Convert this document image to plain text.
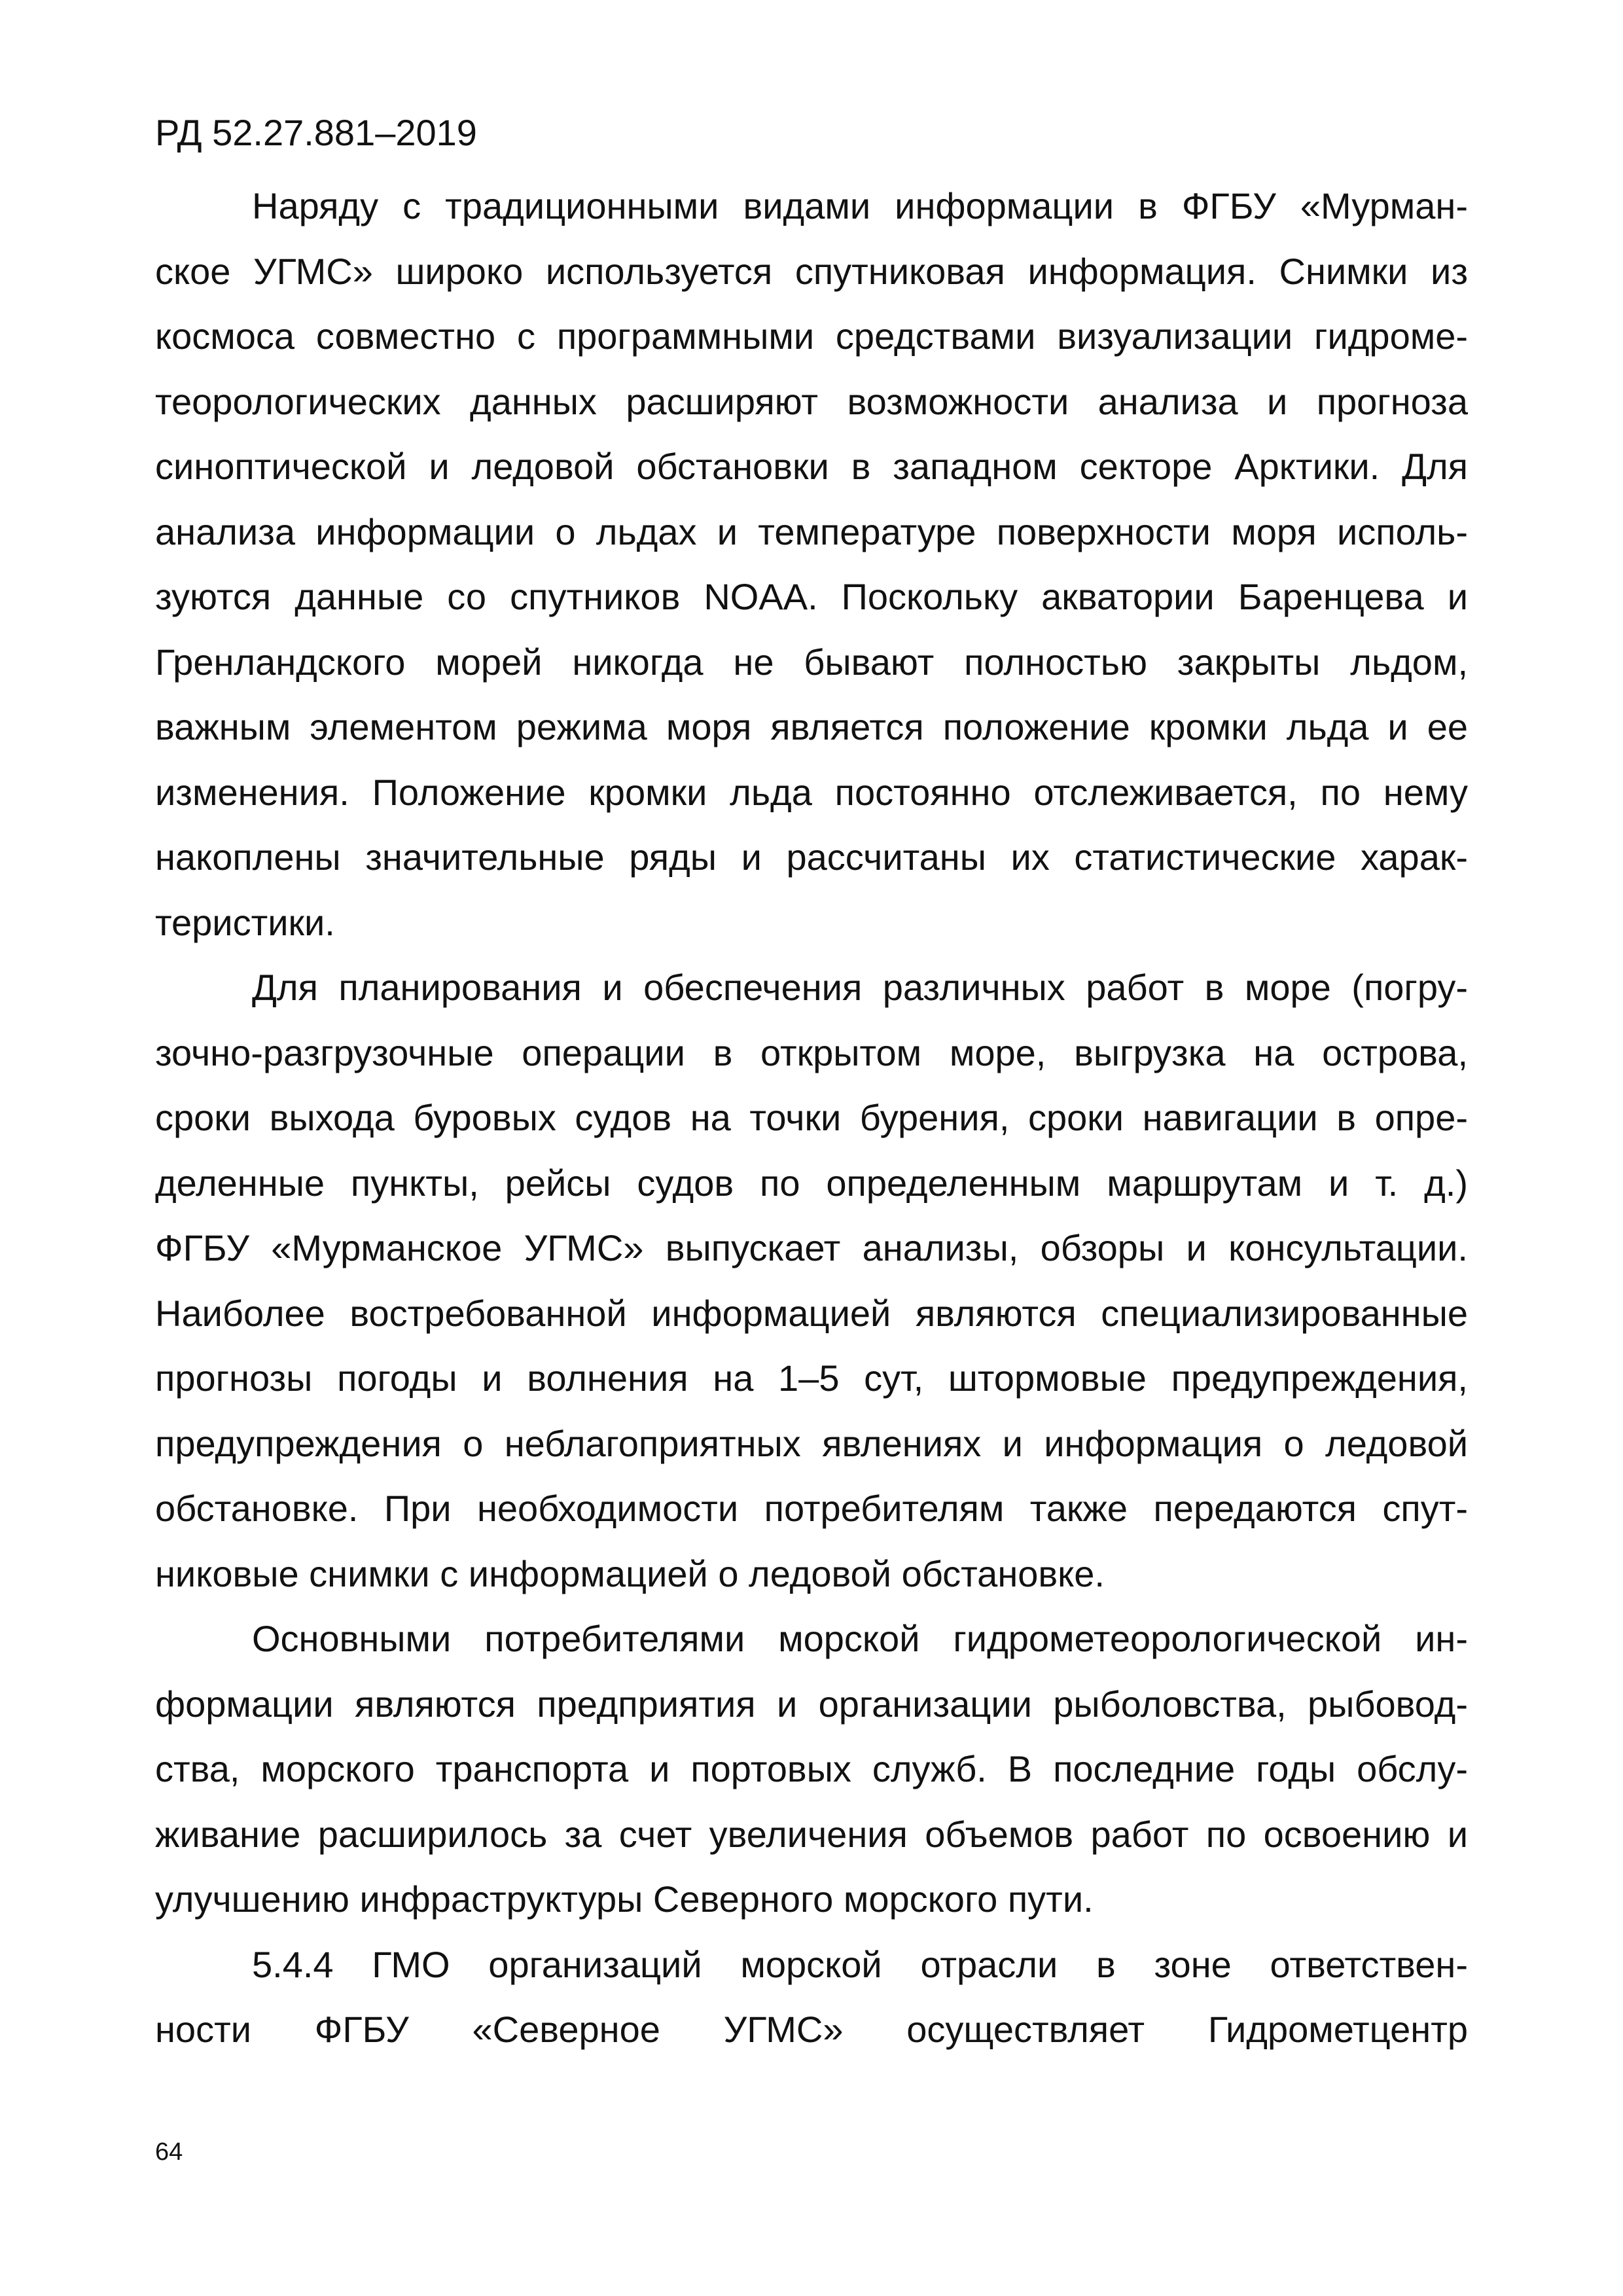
РД 52.27.881–2019
Наряду с традиционными видами информации в ФГБУ «Мурман-
ское УГМС» широко используется спутниковая информация. Снимки из
космоса совместно с программными средствами визуализации гидроме-
теорологических данных расширяют возможности анализа и прогноза
синоптической и ледовой обстановки в западном секторе Арктики. Для
анализа информации о льдах и температуре поверхности моря исполь-
зуются данные со спутников NOAA. Поскольку акватории Баренцева и
Гренландского морей никогда не бывают полностью закрыты льдом,
важным элементом режима моря является положение кромки льда и ее
изменения. Положение кромки льда постоянно отслеживается, по нему
накоплены значительные ряды и рассчитаны их статистические харак-
теристики.
Для планирования и обеспечения различных работ в море (погру-
зочно-разгрузочные операции в открытом море, выгрузка на острова,
сроки выхода буровых судов на точки бурения, сроки навигации в опре-
деленные пункты, рейсы судов по определенным маршрутам и т. д.)
ФГБУ «Мурманское УГМС» выпускает анализы, обзоры и консультации.
Наиболее востребованной информацией являются специализированные
прогнозы погоды и волнения на 1–5 сут, штормовые предупреждения,
предупреждения о неблагоприятных явлениях и информация о ледовой
обстановке. При необходимости потребителям также передаются спут-
никовые снимки с информацией о ледовой обстановке.
Основными потребителями морской гидрометеорологической ин-
формации являются предприятия и организации рыболовства, рыбовод-
ства, морского транспорта и портовых служб. В последние годы обслу-
живание расширилось за счет увеличения объемов работ по освоению и
улучшению инфраструктуры Северного морского пути.
5.4.4 ГМО организаций морской отрасли в зоне ответствен-
ности ФГБУ «Северное УГМС» осуществляет Гидрометцентр
64
